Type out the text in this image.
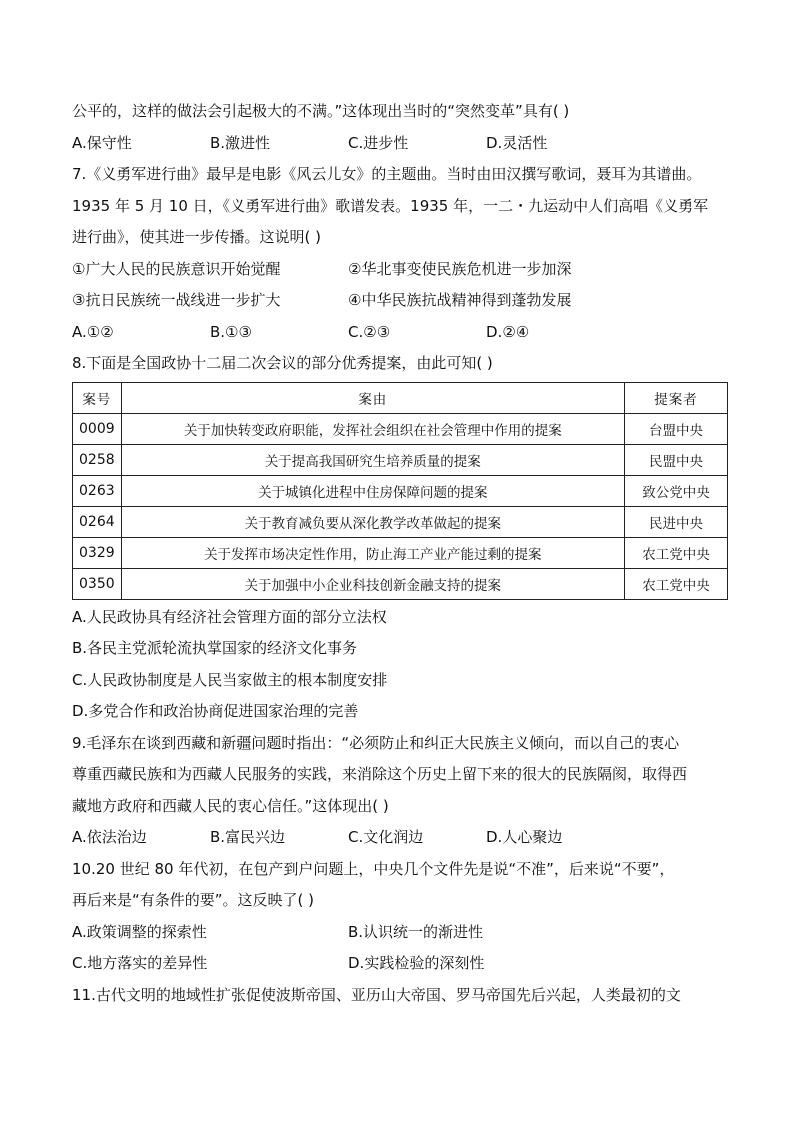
公平的，这样的做法会引起极大的不满。”这体现出当时的“突然变革”具有( )
A.保守性	B.激进性	C.进步性	D.灵活性
7.《义勇军进行曲》最早是电影《风云儿女》的主题曲。当时由田汉撰写歌词，聂耳为其谱曲。
1935 年 5 月 10 日，《义勇军进行曲》歌谱发表。1935 年，一二・九运动中人们高唱《义勇军
进行曲》，使其进一步传播。这说明( )
①广大人民的民族意识开始觉醒	②华北事变使民族危机进一步加深
③抗日民族统一战线进一步扩大	④中华民族抗战精神得到蓬勃发展
A.①②	B.①③	C.②③	D.②④
8.下面是全国政协十二届二次会议的部分优秀提案，由此可知( )
案号	案由	提案者
0009	关于加快转变政府职能，发挥社会组织在社会管理中作用的提案	台盟中央
0258	关于提高我国研究生培养质量的提案	民盟中央
0263	关于城镇化进程中住房保障问题的提案	致公党中央
0264	关于教育减负要从深化教学改革做起的提案	民进中央
0329	关于发挥市场决定性作用，防止海工产业产能过剩的提案	农工党中央
0350	关于加强中小企业科技创新金融支持的提案	农工党中央
A.人民政协具有经济社会管理方面的部分立法权
B.各民主党派轮流执掌国家的经济文化事务
C.人民政协制度是人民当家做主的根本制度安排
D.多党合作和政治协商促进国家治理的完善
9.毛泽东在谈到西藏和新疆问题时指出：“必须防止和纠正大民族主义倾向，而以自己的衷心
尊重西藏民族和为西藏人民服务的实践，来消除这个历史上留下来的很大的民族隔阂，取得西
藏地方政府和西藏人民的衷心信任。”这体现出( )
A.依法治边	B.富民兴边	C.文化润边	D.人心聚边
10.20 世纪 80 年代初，在包产到户问题上，中央几个文件先是说“不准”，后来说“不要”，
再后来是“有条件的要”。这反映了( )
A.政策调整的探索性	B.认识统一的渐进性
C.地方落实的差异性	D.实践检验的深刻性
11.古代文明的地域性扩张促使波斯帝国、亚历山大帝国、罗马帝国先后兴起，人类最初的文
